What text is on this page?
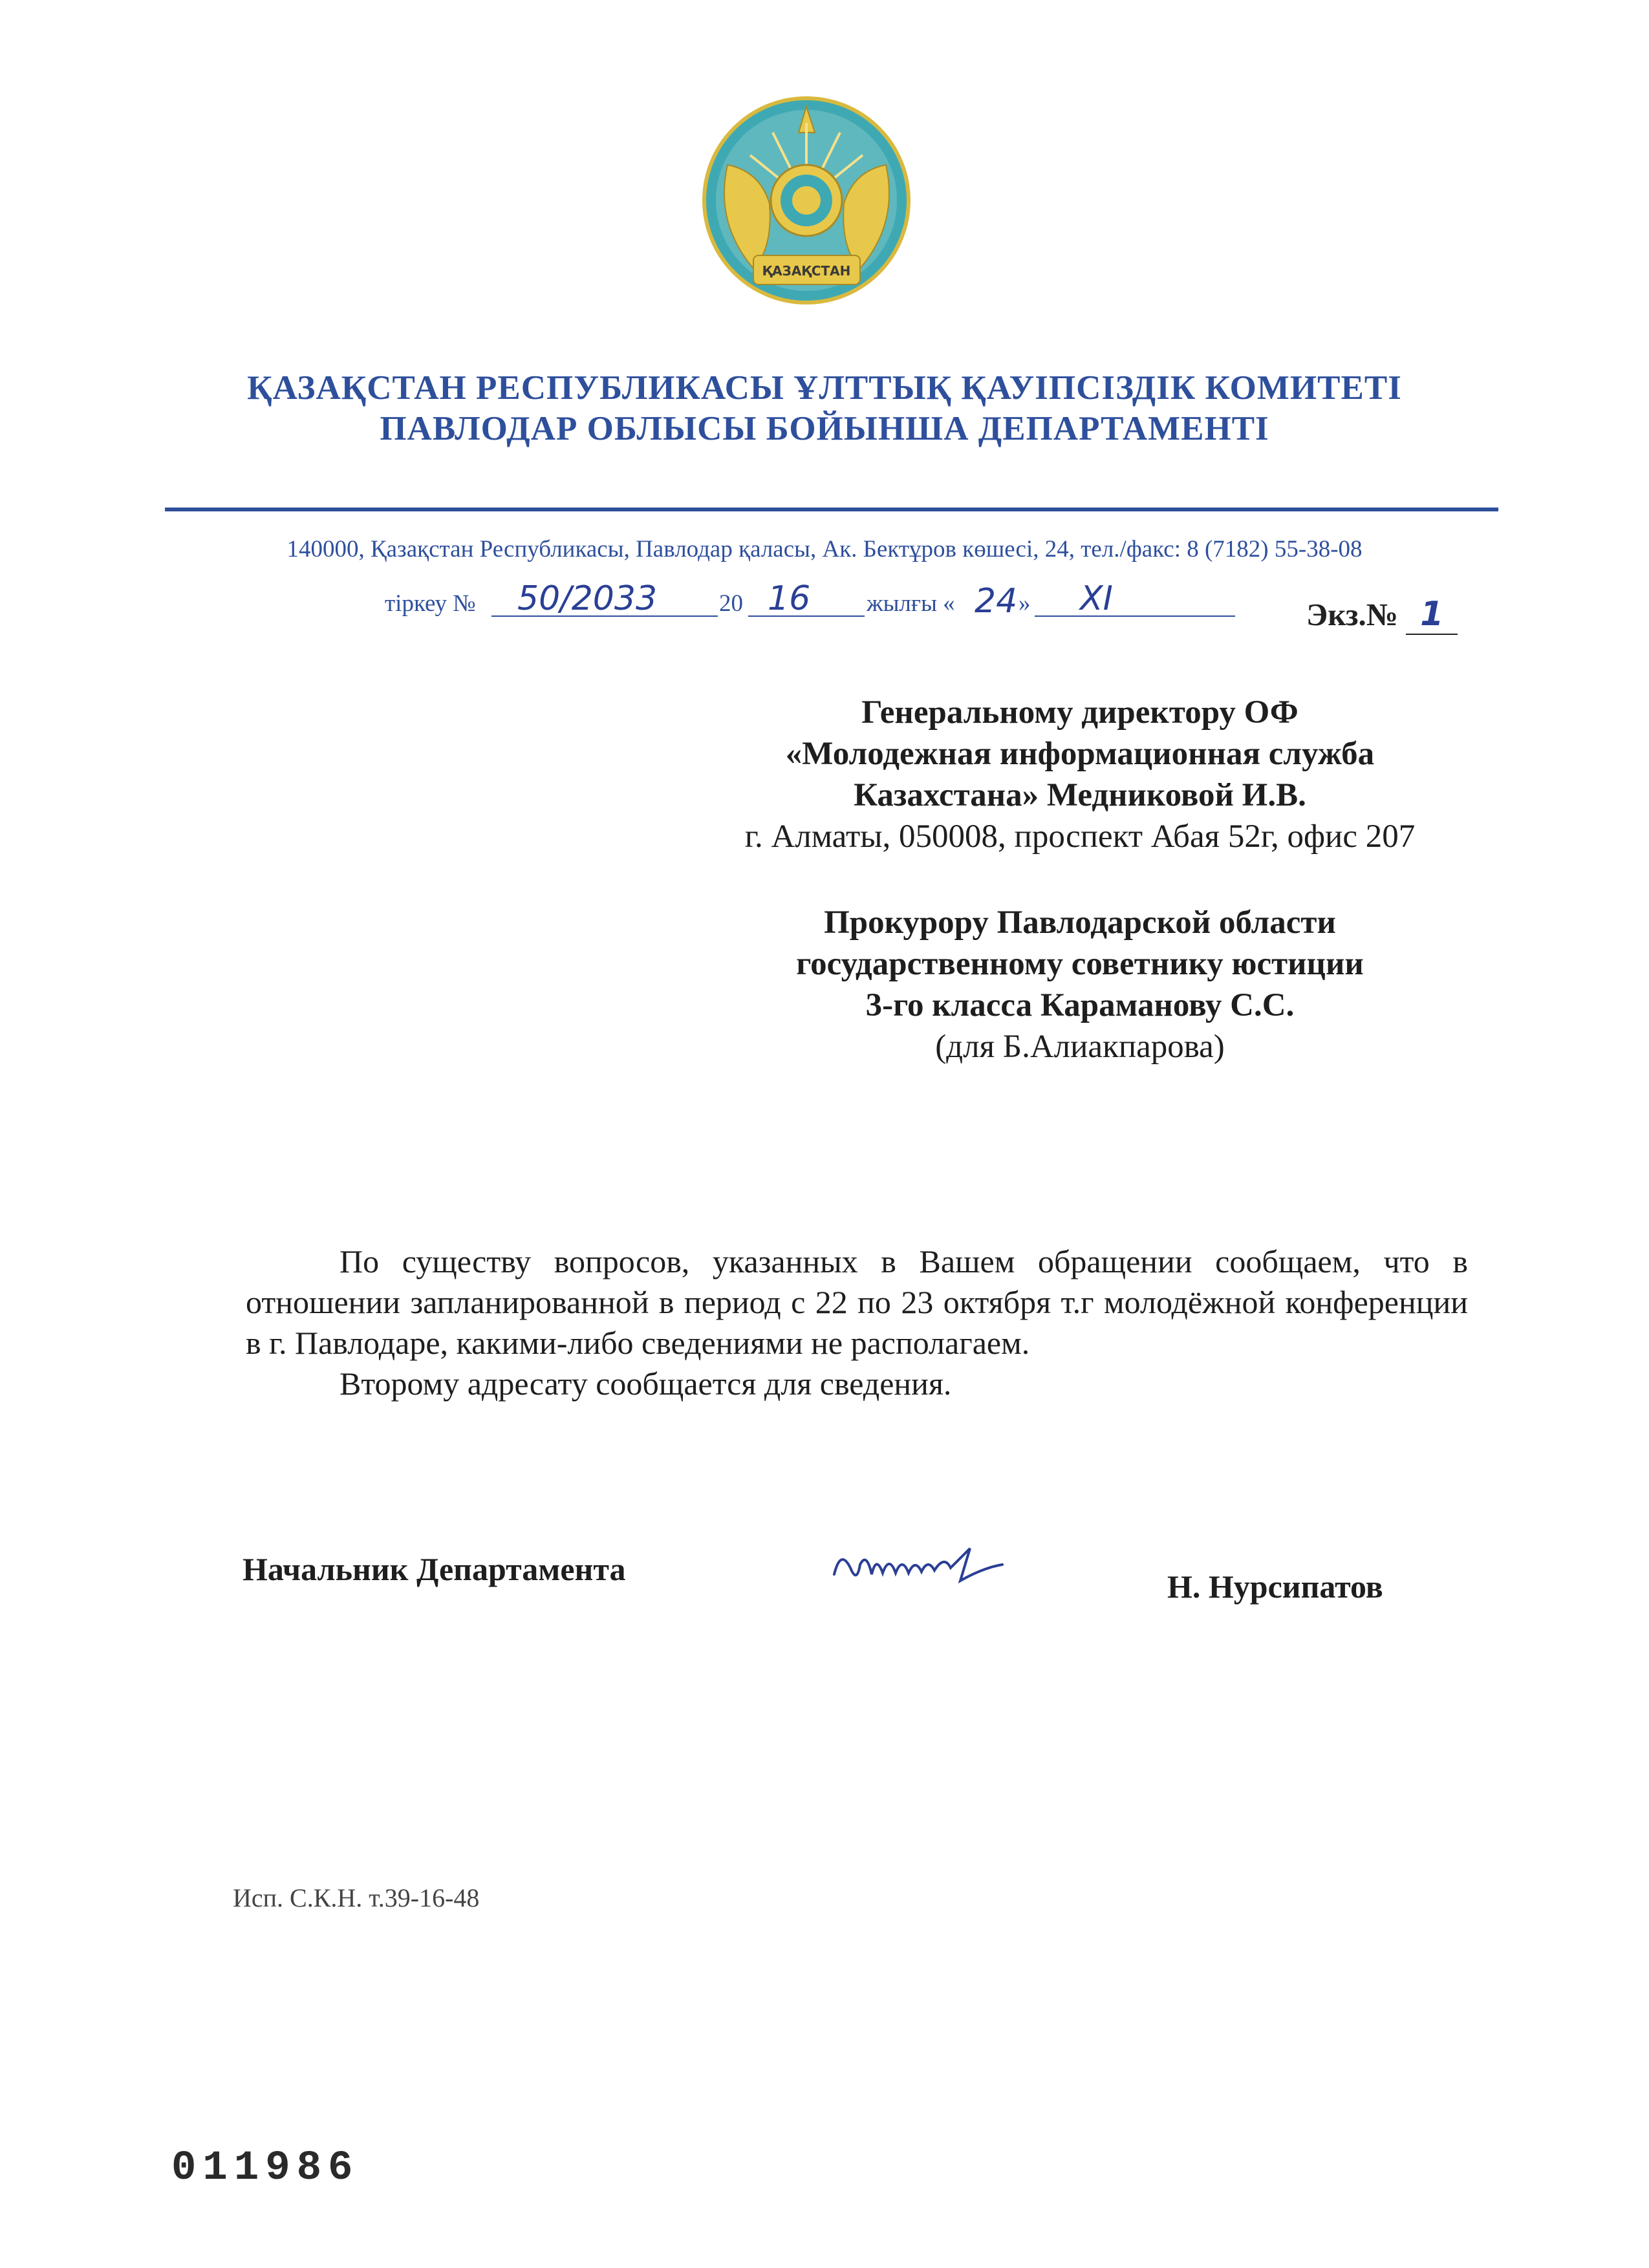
ҚАЗАҚСТАН
ҚАЗАҚСТАН РЕСПУБЛИКАСЫ ҰЛТТЫҚ ҚАУІПСІЗДІК КОМИТЕТІ
ПАВЛОДАР ОБЛЫСЫ БОЙЫНША ДЕПАРТАМЕНТІ
140000, Қазақстан Республикасы, Павлодар қаласы, Ак. Бектұров көшесі, 24, тел./факс: 8 (7182) 55-38-08
тіркеу № 50/2033	20 16 жылғы « 24 » XI	Экз.№ 1
Генеральному директору ОФ
«Молодежная информационная служба
Казахстана» Медниковой И.В.
г. Алматы, 050008, проспект Абая 52г, офис 207
Прокурору Павлодарской области
государственному советнику юстиции
3-го класса Караманову С.С.
(для Б.Алиакпарова)

По существу вопросов, указанных в Вашем обращении сообщаем, что в отношении запланированной в период с 22 по 23 октября т.г молодёжной конференции в г. Павлодаре, какими-либо сведениями не располагаем.

Второму адресату сообщается для сведения.

Начальник Департамента	Н. Нурсипатов
Исп. С.К.Н. т.39-16-48
011986
